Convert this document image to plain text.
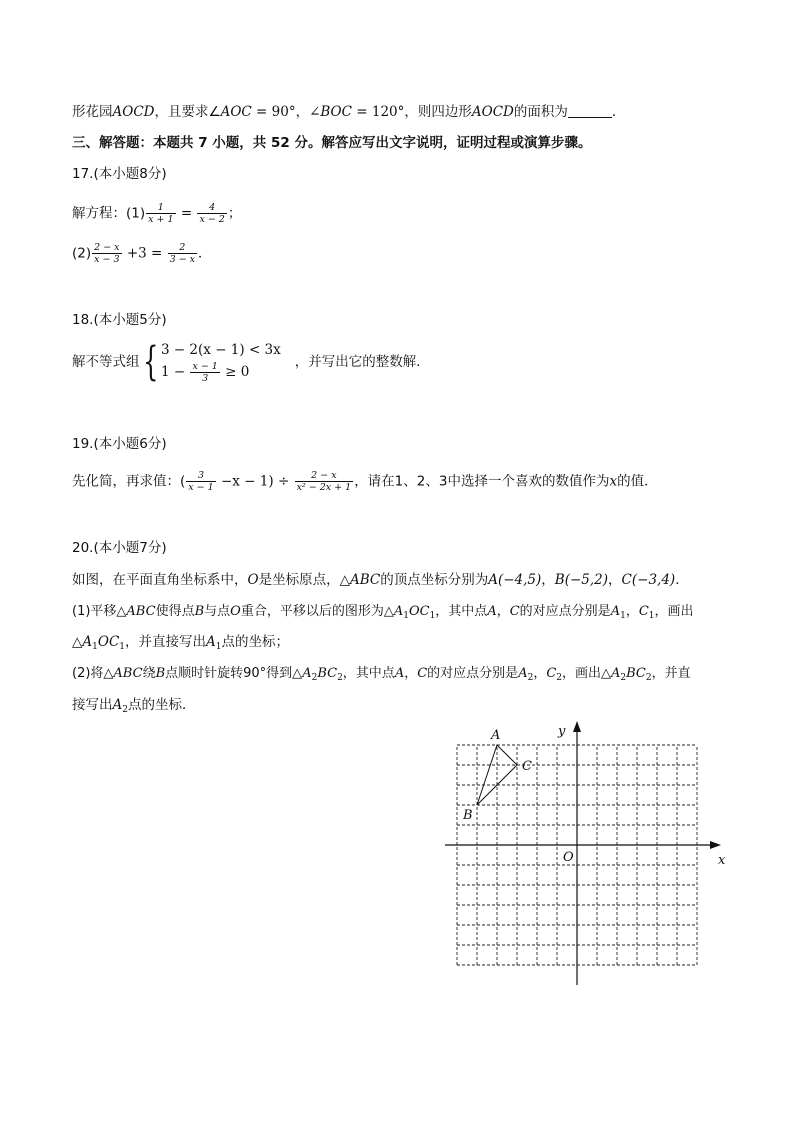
形花园AOCD，且要求∠AOC = 90°，∠BOC = 120°，则四边形AOCD的面积为	．
三、解答题：本题共 7 小题，共 52 分。解答应写出文字说明，证明过程或演算步骤。
17.(本小题8分)
解方程：$(1) \frac{1}{x + 1} = \frac{4}{x - 2}$ ；
$(2) \frac{2 - x}{x - 3} +3 = \frac{2}{3 - x}$ ．
18.(本小题5分)
解不等式组{ 3 − 2(x − 1) < 3x
$1 - \frac{x - 1}{3} \ge 0$
，并写出它的整数解．
19.(本小题6分)
先化简，再求值：( $\frac{3}{x - 1} -x - 1) \div \frac{2 - x}{\text{x² − 2x + 1}}$ ，请在1、2、3中选择一个喜欢的数值作为x的值．
20.(本小题7分)
如图，在平面直角坐标系中，O是坐标原点，△ABC的顶点坐标分别为A(−4,5)，B(−5,2)，C(−3,4)．
(1)平移△ABC使得点B与点O重合，平移以后的图形为$\triangle A_1OC_1$，其中点A，C的对应点分别是$A_1$，$C_1$，画出
$\triangle A_1OC_1$，并直接写出$A_1$点的坐标；
(2)将△ABC绕B点顺时针旋转90°得到$\triangle A_2BC_2$，其中点A，C的对应点分别是$A_2$，$C_2$，画出$\triangle A_2BC_2$，并直
接写出$A_2$点的坐标．
A
B
C
O	x
y
